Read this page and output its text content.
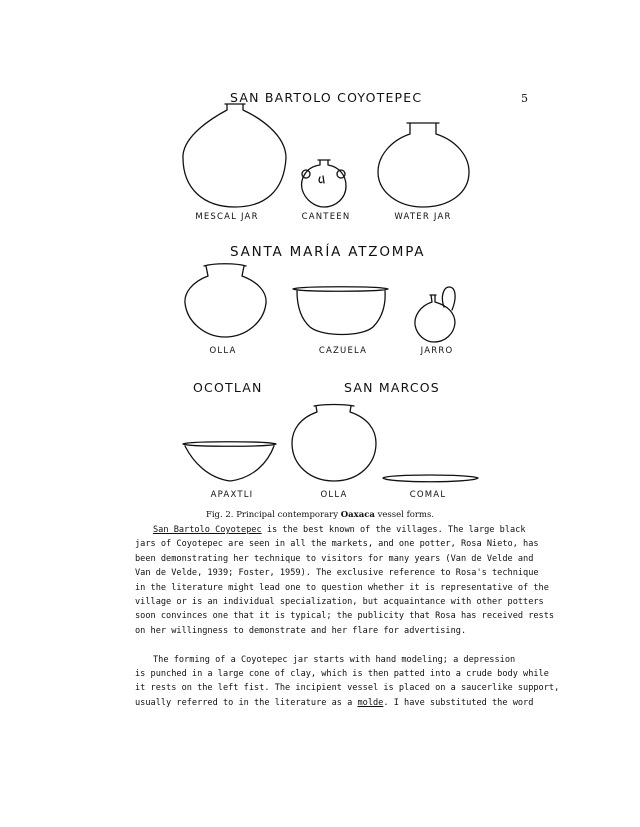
5
SAN BARTOLO COYOTEPEC
MESCAL JAR	CANTEEN	WATER JAR
SANTA MARÍA ATZOMPA
OLLA	CAZUELA	JARRO
OCOTLAN	SAN MARCOS
APAXTLI	OLLA	COMAL
Fig. 2. Principal contemporary Oaxaca vessel forms.

San Bartolo Coyotepec is the best known of the villages. The large black
jars of Coyotepec are seen in all the markets, and one potter, Rosa Nieto, has
been demonstrating her technique to visitors for many years (Van de Velde and
Van de Velde, 1939; Foster, 1959). The exclusive reference to Rosa's technique
in the literature might lead one to question whether it is representative of the
village or is an individual specialization, but acquaintance with other potters
soon convinces one that it is typical; the publicity that Rosa has received rests
on her willingness to demonstrate and her flare for advertising.

The forming of a Coyotepec jar starts with hand modeling; a depression
is punched in a large cone of clay, which is then patted into a crude body while
it rests on the left fist. The incipient vessel is placed on a saucerlike support,
usually referred to in the literature as a molde. I have substituted the word
